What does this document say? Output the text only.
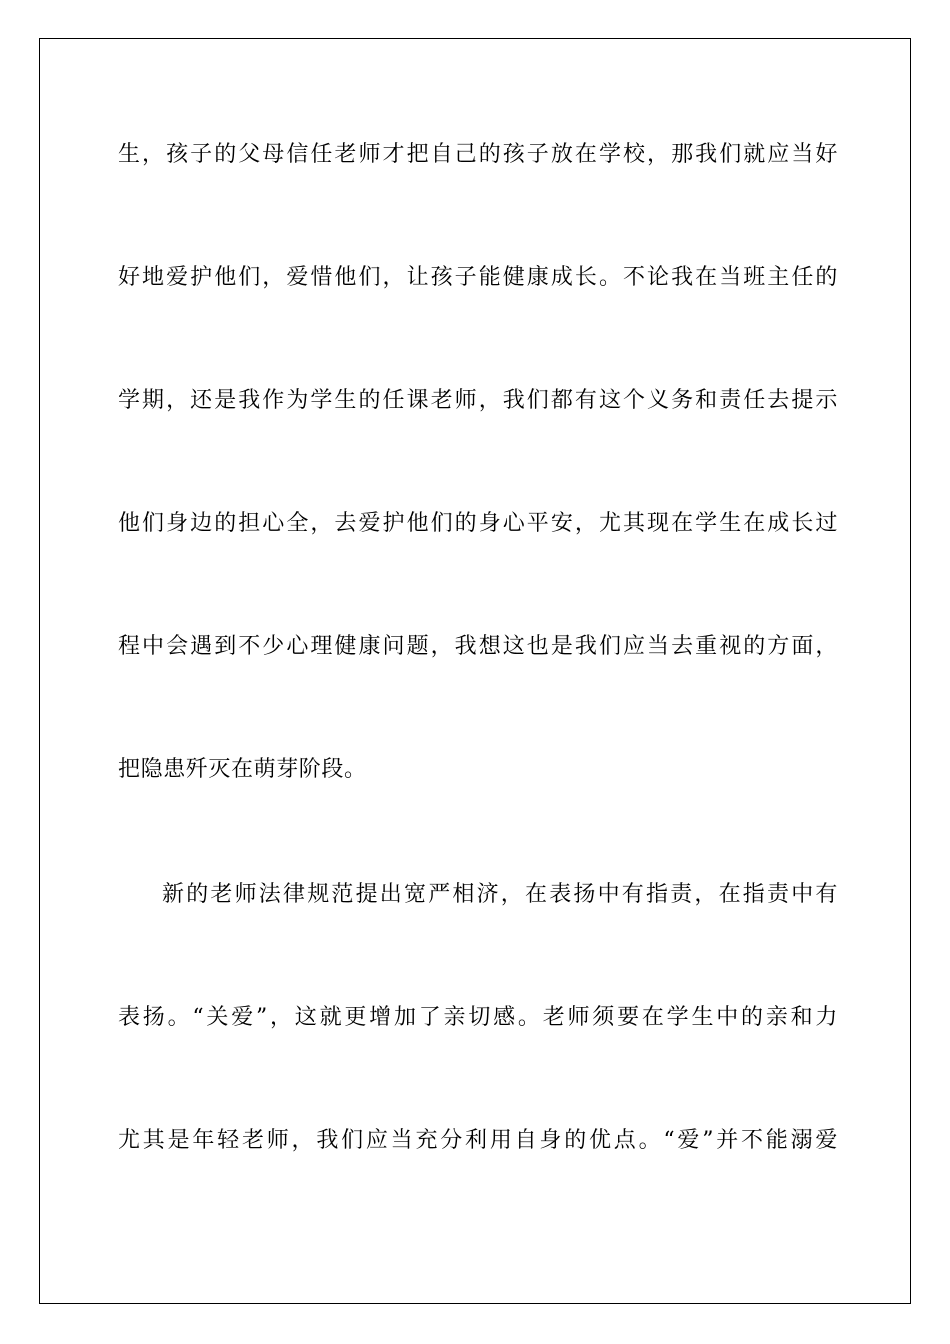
生，孩子的父母信任老师才把自己的孩子放在学校，那我们就应当好
好地爱护他们，爱惜他们，让孩子能健康成长。不论我在当班主任的
学期，还是我作为学生的任课老师，我们都有这个义务和责任去提示
他们身边的担心全，去爱护他们的身心平安，尤其现在学生在成长过
程中会遇到不少心理健康问题，我想这也是我们应当去重视的方面，
把隐患歼灭在萌芽阶段。
新的老师法律规范提出宽严相济，在表扬中有指责，在指责中有
表扬。“关爱”，这就更增加了亲切感。老师须要在学生中的亲和力
尤其是年轻老师，我们应当充分利用自身的优点。“爱”并不能溺爱
